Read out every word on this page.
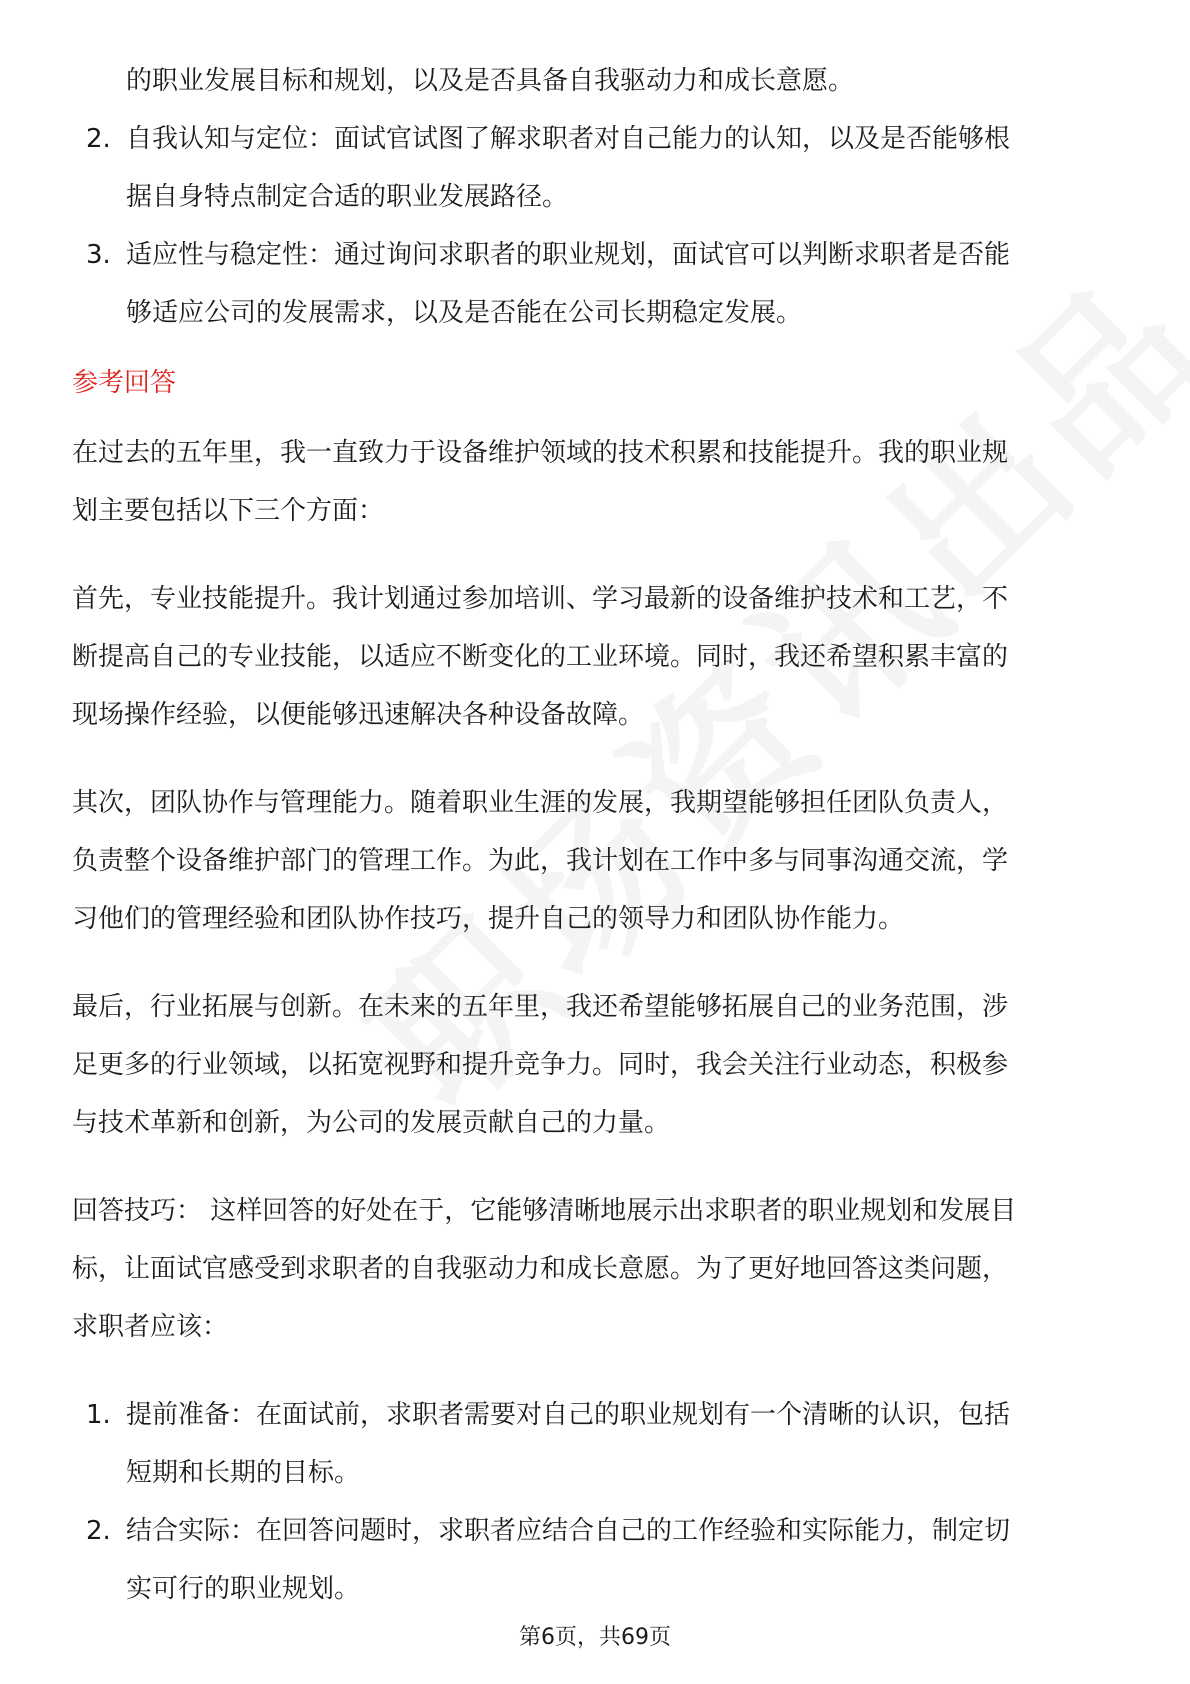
的职业发展目标和规划，以及是否具备自我驱动力和成长意愿。
2. 自我认知与定位：面试官试图了解求职者对自己能力的认知，以及是否能够根
据自身特点制定合适的职业发展路径。
3. 适应性与稳定性：通过询问求职者的职业规划，面试官可以判断求职者是否能
够适应公司的发展需求，以及是否能在公司长期稳定发展。
参考回答
在过去的五年里，我一直致力于设备维护领域的技术积累和技能提升。我的职业规
划主要包括以下三个方面：
首先，专业技能提升。我计划通过参加培训、学习最新的设备维护技术和工艺，不
断提高自己的专业技能，以适应不断变化的工业环境。同时，我还希望积累丰富的
现场操作经验，以便能够迅速解决各种设备故障。
其次，团队协作与管理能力。随着职业生涯的发展，我期望能够担任团队负责人，
负责整个设备维护部门的管理工作。为此，我计划在工作中多与同事沟通交流，学
习他们的管理经验和团队协作技巧，提升自己的领导力和团队协作能力。
最后，行业拓展与创新。在未来的五年里，我还希望能够拓展自己的业务范围，涉
足更多的行业领域，以拓宽视野和提升竞争力。同时，我会关注行业动态，积极参
与技术革新和创新，为公司的发展贡献自己的力量。
回答技巧： 这样回答的好处在于，它能够清晰地展示出求职者的职业规划和发展目
标，让面试官感受到求职者的自我驱动力和成长意愿。为了更好地回答这类问题，
求职者应该：
1. 提前准备：在面试前，求职者需要对自己的职业规划有一个清晰的认识，包括
短期和长期的目标。
2. 结合实际：在回答问题时，求职者应结合自己的工作经验和实际能力，制定切
实可行的职业规划。
第6页，共69页
